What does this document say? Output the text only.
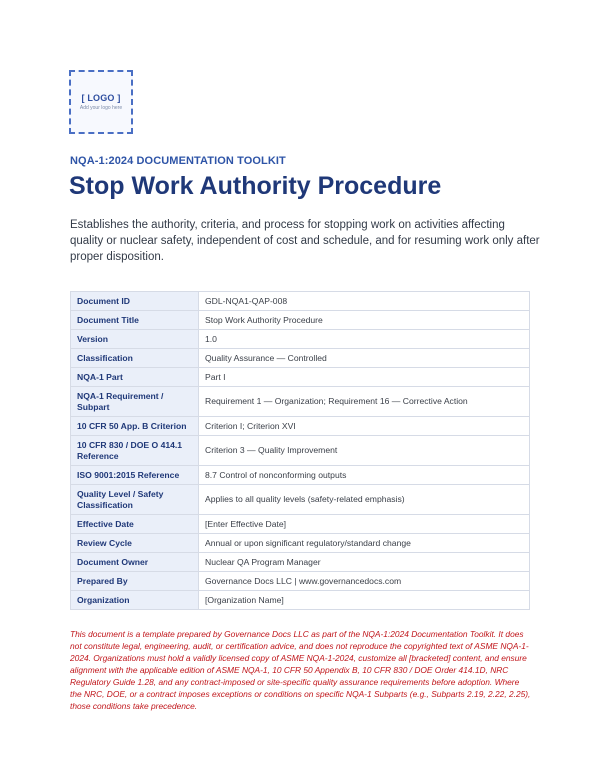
[ LOGO ]
Add your logo here
NQA-1:2024 DOCUMENTATION TOOLKIT
Stop Work Authority Procedure

Establishes the authority, criteria, and process for stopping work on activities affecting quality or nuclear safety, independent of cost and schedule, and for resuming work only after proper disposition.

Document ID	GDL-NQA1-QAP-008
Document Title	Stop Work Authority Procedure
Version	1.0
Classification	Quality Assurance — Controlled
NQA-1 Part	Part I
NQA-1 Requirement / Subpart	Requirement 1 — Organization; Requirement 16 — Corrective Action
10 CFR 50 App. B Criterion	Criterion I; Criterion XVI
10 CFR 830 / DOE O 414.1 Reference	Criterion 3 — Quality Improvement
ISO 9001:2015 Reference	8.7 Control of nonconforming outputs
Quality Level / Safety Classification	Applies to all quality levels (safety-related emphasis)
Effective Date	[Enter Effective Date]
Review Cycle	Annual or upon significant regulatory/standard change
Document Owner	Nuclear QA Program Manager
Prepared By	Governance Docs LLC | www.governancedocs.com
Organization	[Organization Name]

This document is a template prepared by Governance Docs LLC as part of the NQA-1:2024 Documentation Toolkit. It does not constitute legal, engineering, audit, or certification advice, and does not reproduce the copyrighted text of ASME NQA-1-2024. Organizations must hold a validly licensed copy of ASME NQA-1-2024, customize all [bracketed] content, and ensure alignment with the applicable edition of ASME NQA-1, 10 CFR 50 Appendix B, 10 CFR 830 / DOE Order 414.1D, NRC Regulatory Guide 1.28, and any contract-imposed or site-specific quality assurance requirements before adoption. Where the NRC, DOE, or a contract imposes exceptions or conditions on specific NQA-1 Subparts (e.g., Subparts 2.19, 2.22, 2.25), those conditions take precedence.
